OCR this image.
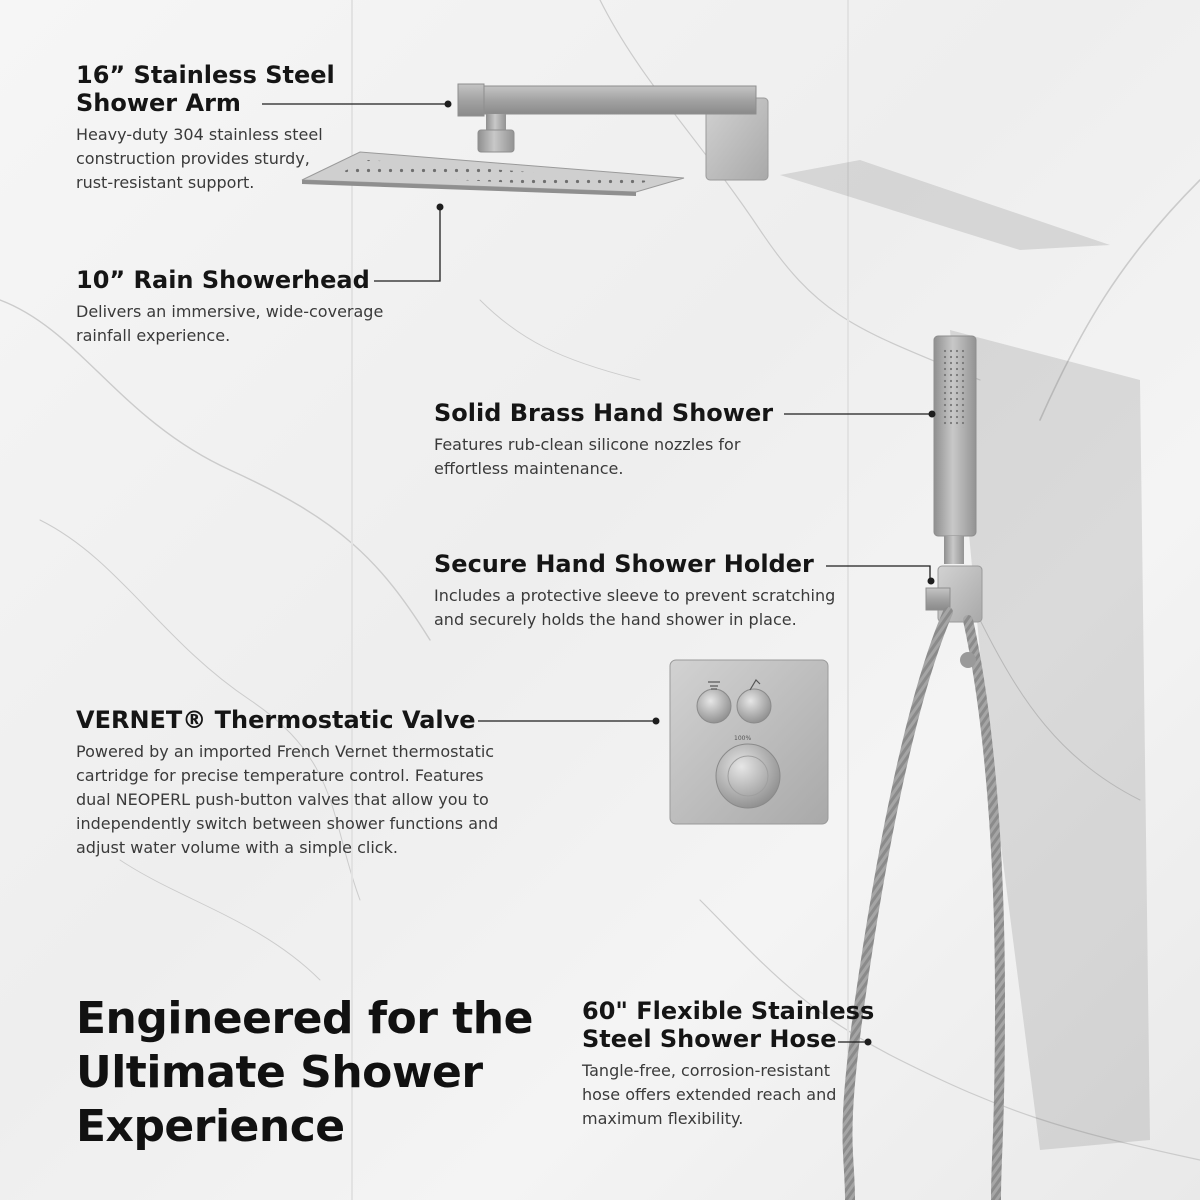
100%
16” Stainless Steel
Shower Arm

Heavy-duty 304 stainless steel
construction provides sturdy,
rust-resistant support.

10” Rain Showerhead

Delivers an immersive, wide-coverage
rainfall experience.

Solid Brass Hand Shower

Features rub-clean silicone nozzles for
effortless maintenance.

Secure Hand Shower Holder

Includes a protective sleeve to prevent scratching
and securely holds the hand shower in place.

VERNET® Thermostatic Valve

Powered by an imported French Vernet thermostatic
cartridge for precise temperature control. Features
dual NEOPERL push-button valves that allow you to
independently switch between shower functions and
adjust water volume with a simple click.

60" Flexible Stainless
Steel Shower Hose

Tangle-free, corrosion-resistant
hose offers extended reach and
maximum flexibility.

Engineered for the
Ultimate Shower
Experience
